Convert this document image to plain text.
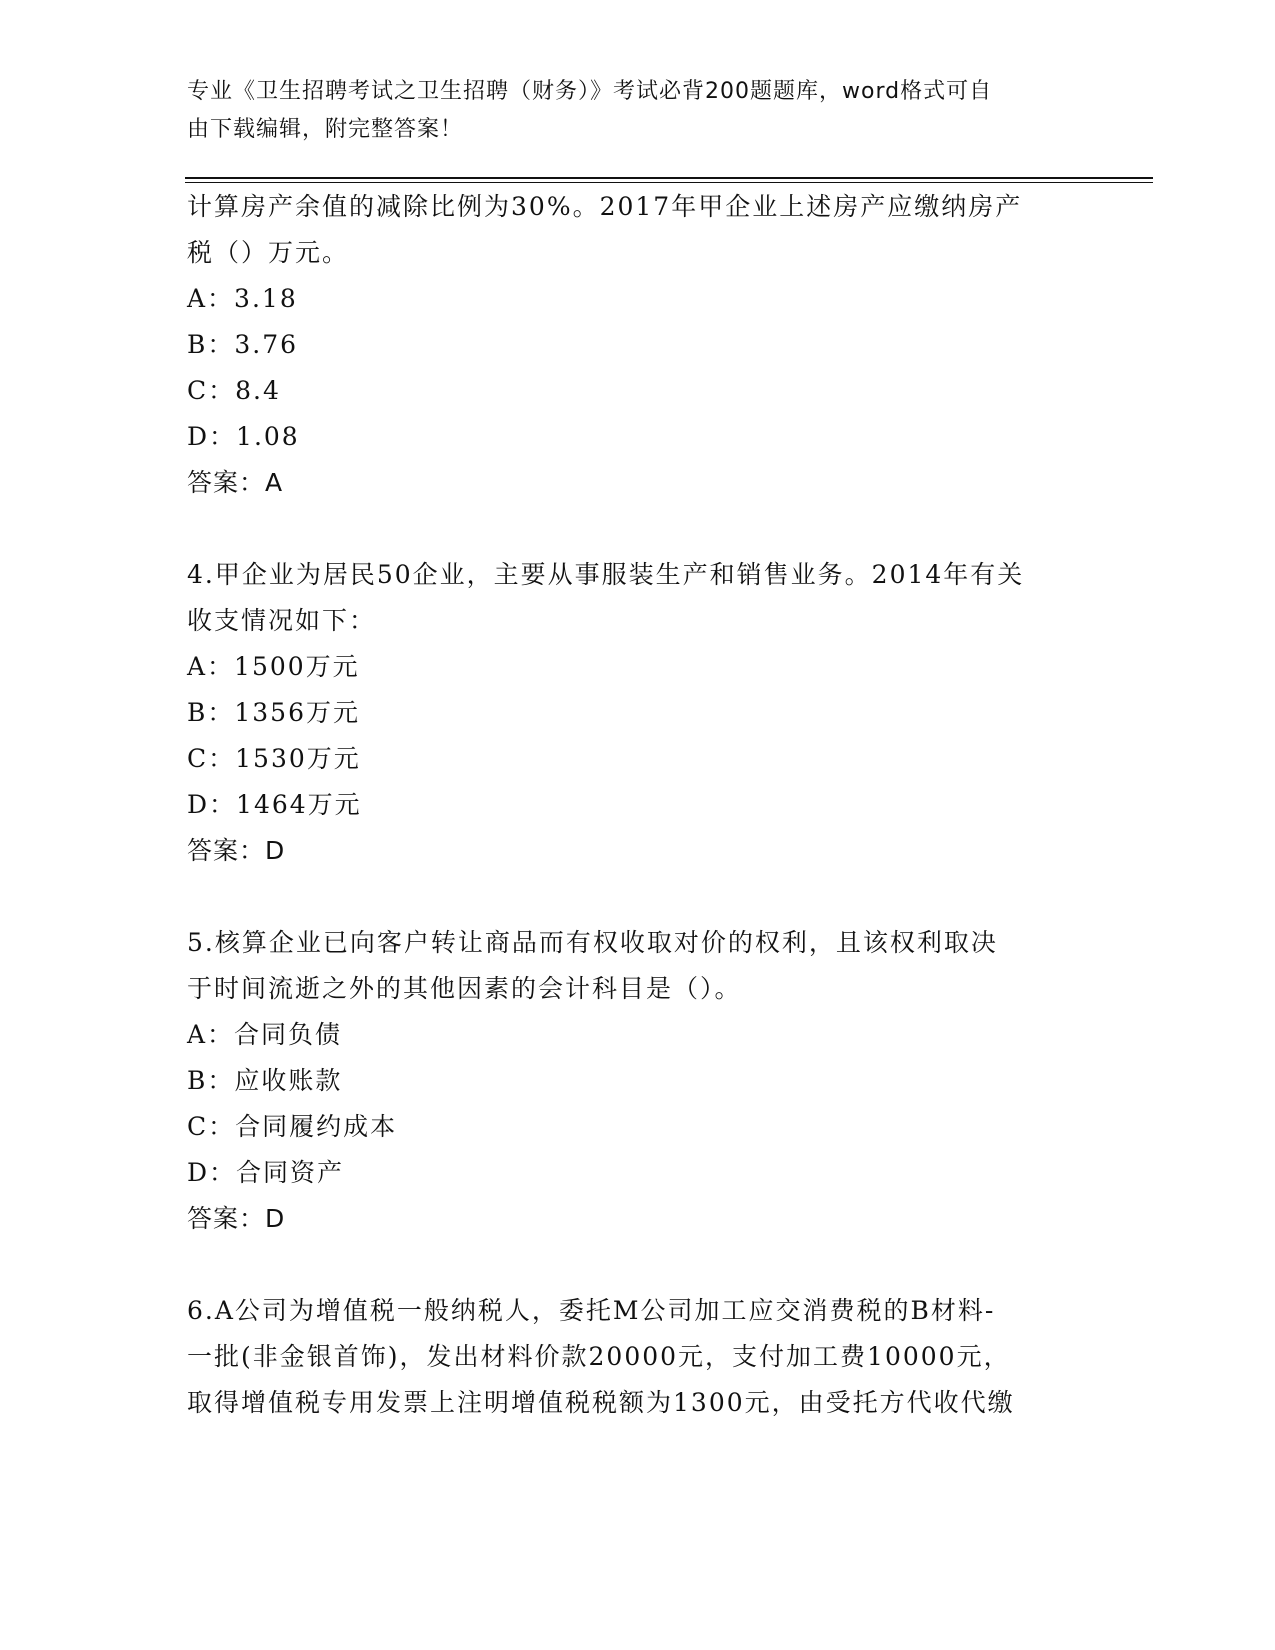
专业《卫生招聘考试之卫生招聘（财务）》考试必背200题题库，word格式可自
由下载编辑，附完整答案！
计算房产余值的减除比例为30%。2017年甲企业上述房产应缴纳房产
税（）万元。
A：3.18
B：3.76
C：8.4
D：1.08
答案：A
4.甲企业为居民50企业，主要从事服装生产和销售业务。2014年有关
收支情况如下：
A：1500万元
B：1356万元
C：1530万元
D：1464万元
答案：D
5.核算企业已向客户转让商品而有权收取对价的权利，且该权利取决
于时间流逝之外的其他因素的会计科目是（）。
A：合同负债
B：应收账款
C：合同履约成本
D：合同资产
答案：D
6.A公司为增值税一般纳税人，委托M公司加工应交消费税的B材料-
一批(非金银首饰)，发出材料价款20000元，支付加工费10000元，
取得增值税专用发票上注明增值税税额为1300元，由受托方代收代缴
